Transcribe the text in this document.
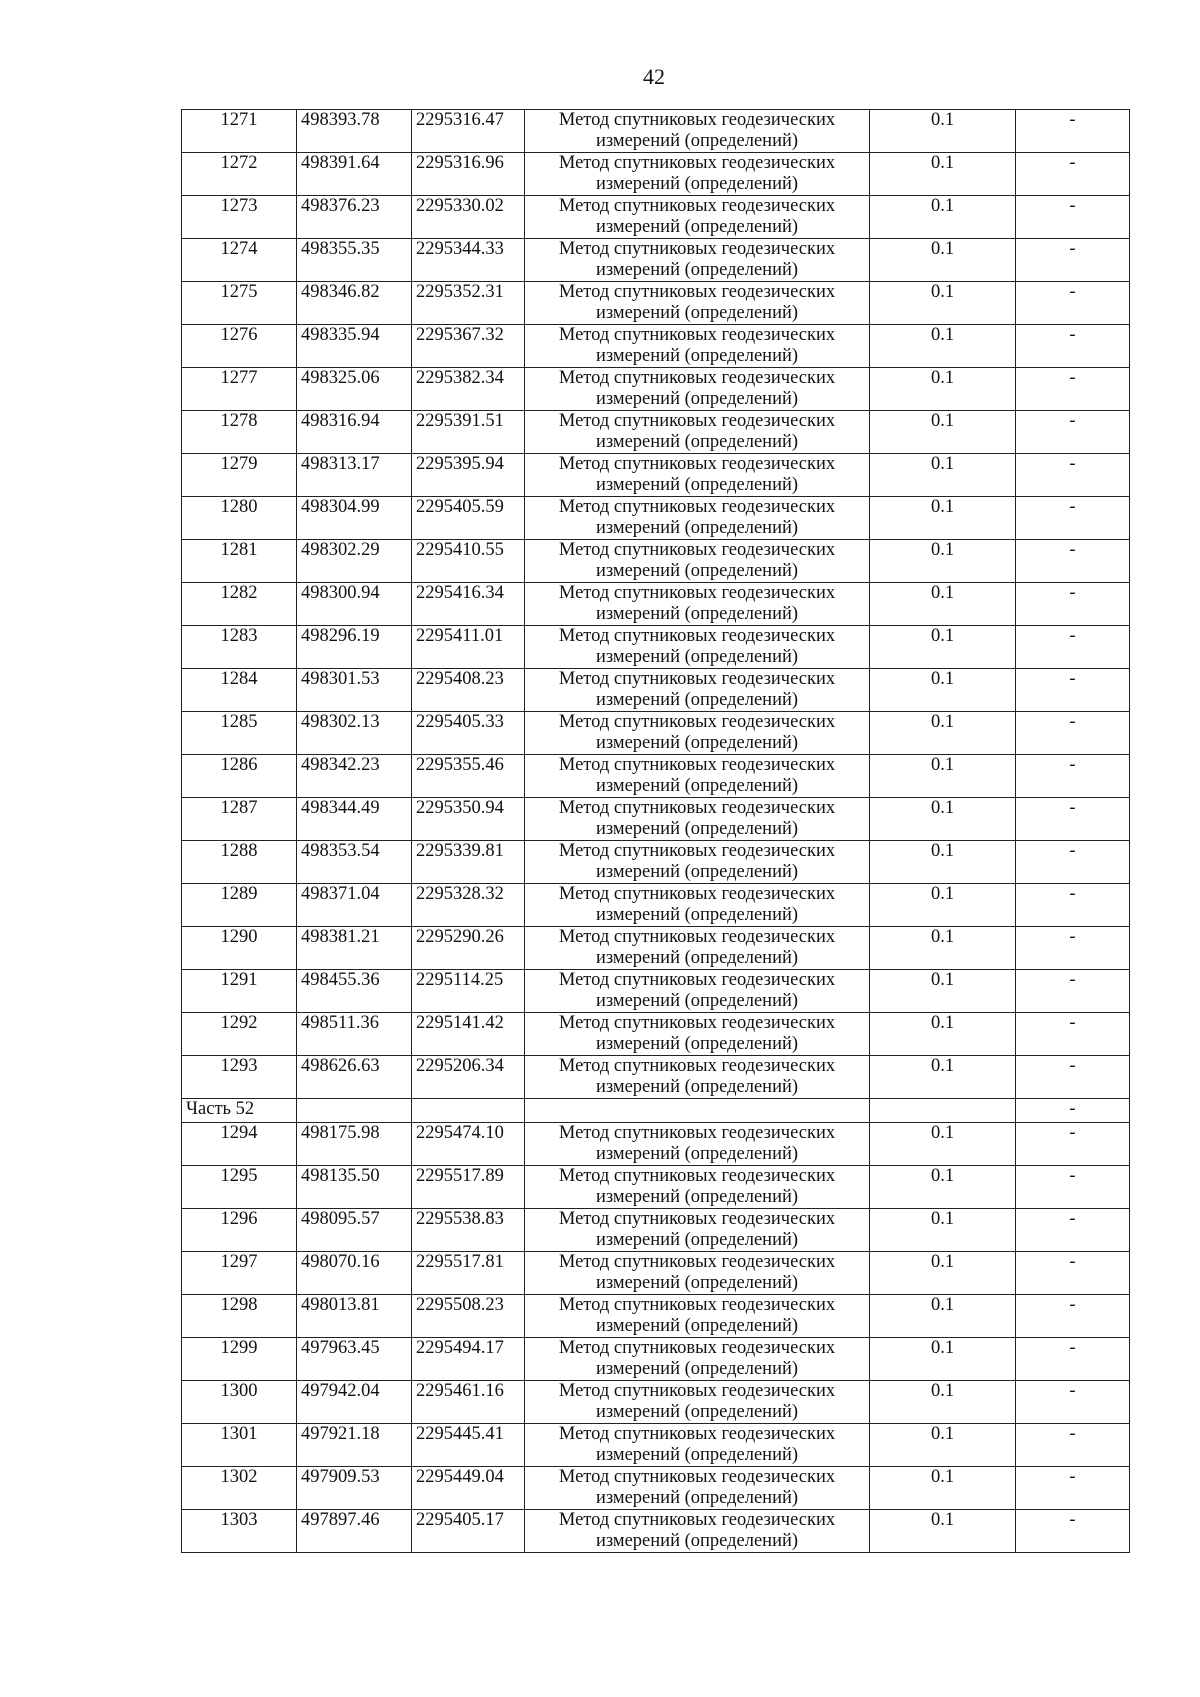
42
1271	498393.78	2295316.47	Метод спутниковых геодезических измерений (определений)	0.1	-
1272	498391.64	2295316.96	Метод спутниковых геодезических измерений (определений)	0.1	-
1273	498376.23	2295330.02	Метод спутниковых геодезических измерений (определений)	0.1	-
1274	498355.35	2295344.33	Метод спутниковых геодезических измерений (определений)	0.1	-
1275	498346.82	2295352.31	Метод спутниковых геодезических измерений (определений)	0.1	-
1276	498335.94	2295367.32	Метод спутниковых геодезических измерений (определений)	0.1	-
1277	498325.06	2295382.34	Метод спутниковых геодезических измерений (определений)	0.1	-
1278	498316.94	2295391.51	Метод спутниковых геодезических измерений (определений)	0.1	-
1279	498313.17	2295395.94	Метод спутниковых геодезических измерений (определений)	0.1	-
1280	498304.99	2295405.59	Метод спутниковых геодезических измерений (определений)	0.1	-
1281	498302.29	2295410.55	Метод спутниковых геодезических измерений (определений)	0.1	-
1282	498300.94	2295416.34	Метод спутниковых геодезических измерений (определений)	0.1	-
1283	498296.19	2295411.01	Метод спутниковых геодезических измерений (определений)	0.1	-
1284	498301.53	2295408.23	Метод спутниковых геодезических измерений (определений)	0.1	-
1285	498302.13	2295405.33	Метод спутниковых геодезических измерений (определений)	0.1	-
1286	498342.23	2295355.46	Метод спутниковых геодезических измерений (определений)	0.1	-
1287	498344.49	2295350.94	Метод спутниковых геодезических измерений (определений)	0.1	-
1288	498353.54	2295339.81	Метод спутниковых геодезических измерений (определений)	0.1	-
1289	498371.04	2295328.32	Метод спутниковых геодезических измерений (определений)	0.1	-
1290	498381.21	2295290.26	Метод спутниковых геодезических измерений (определений)	0.1	-
1291	498455.36	2295114.25	Метод спутниковых геодезических измерений (определений)	0.1	-
1292	498511.36	2295141.42	Метод спутниковых геодезических измерений (определений)	0.1	-
1293	498626.63	2295206.34	Метод спутниковых геодезических измерений (определений)	0.1	-
Часть 52					-
1294	498175.98	2295474.10	Метод спутниковых геодезических измерений (определений)	0.1	-
1295	498135.50	2295517.89	Метод спутниковых геодезических измерений (определений)	0.1	-
1296	498095.57	2295538.83	Метод спутниковых геодезических измерений (определений)	0.1	-
1297	498070.16	2295517.81	Метод спутниковых геодезических измерений (определений)	0.1	-
1298	498013.81	2295508.23	Метод спутниковых геодезических измерений (определений)	0.1	-
1299	497963.45	2295494.17	Метод спутниковых геодезических измерений (определений)	0.1	-
1300	497942.04	2295461.16	Метод спутниковых геодезических измерений (определений)	0.1	-
1301	497921.18	2295445.41	Метод спутниковых геодезических измерений (определений)	0.1	-
1302	497909.53	2295449.04	Метод спутниковых геодезических измерений (определений)	0.1	-
1303	497897.46	2295405.17	Метод спутниковых геодезических измерений (определений)	0.1	-
